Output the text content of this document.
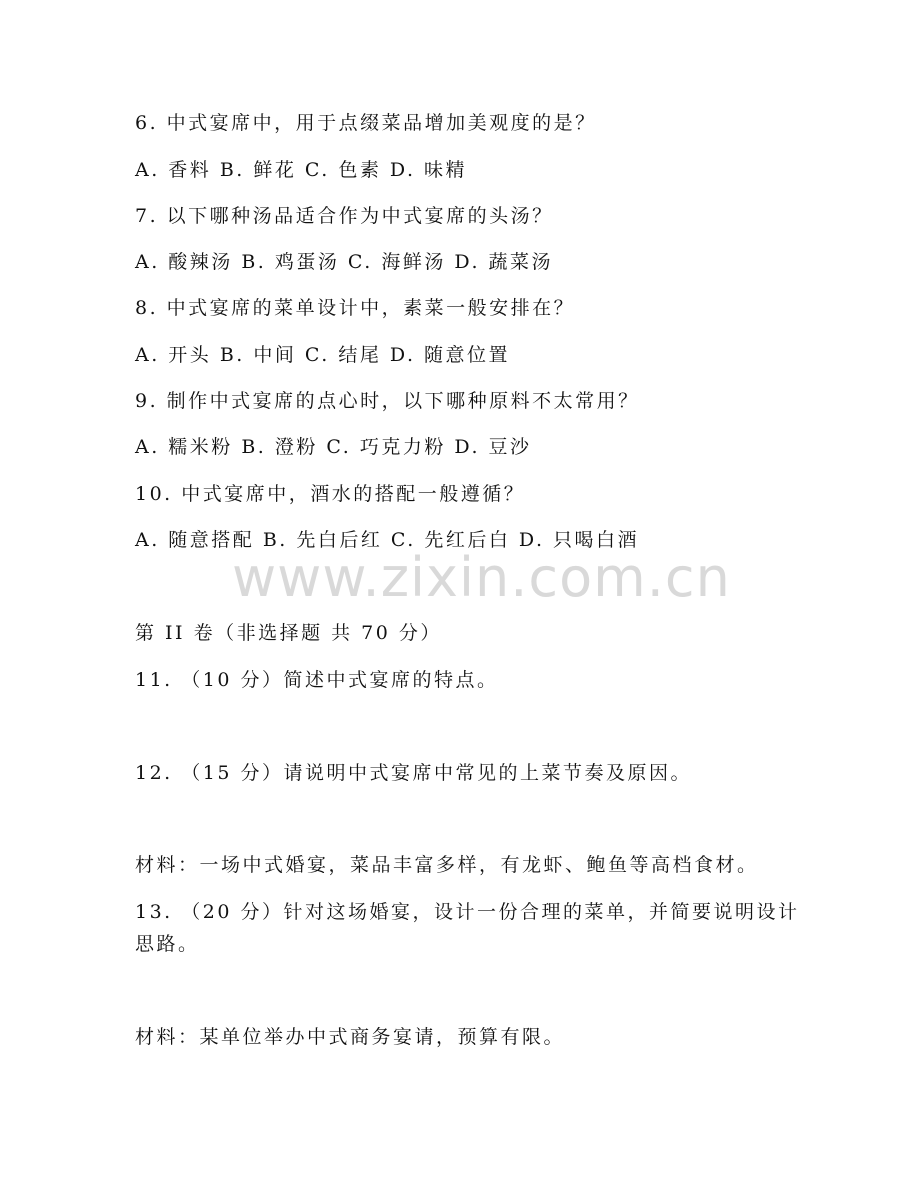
6. 中式宴席中，用于点缀菜品增加美观度的是？
A. 香料 B. 鲜花 C. 色素 D. 味精
7. 以下哪种汤品适合作为中式宴席的头汤？
A. 酸辣汤 B. 鸡蛋汤 C. 海鲜汤 D. 蔬菜汤
8. 中式宴席的菜单设计中，素菜一般安排在？
A. 开头 B. 中间 C. 结尾 D. 随意位置
9. 制作中式宴席的点心时，以下哪种原料不太常用？
A. 糯米粉 B. 澄粉 C. 巧克力粉 D. 豆沙
10. 中式宴席中，酒水的搭配一般遵循？
A. 随意搭配 B. 先白后红 C. 先红后白 D. 只喝白酒
www.zixin.com.cn
第 II 卷（非选择题 共 70 分）
11. （10 分）简述中式宴席的特点。
12. （15 分）请说明中式宴席中常见的上菜节奏及原因。
材料：一场中式婚宴，菜品丰富多样，有龙虾、鲍鱼等高档食材。
13. （20 分）针对这场婚宴，设计一份合理的菜单，并简要说明设计
思路。
材料：某单位举办中式商务宴请，预算有限。
